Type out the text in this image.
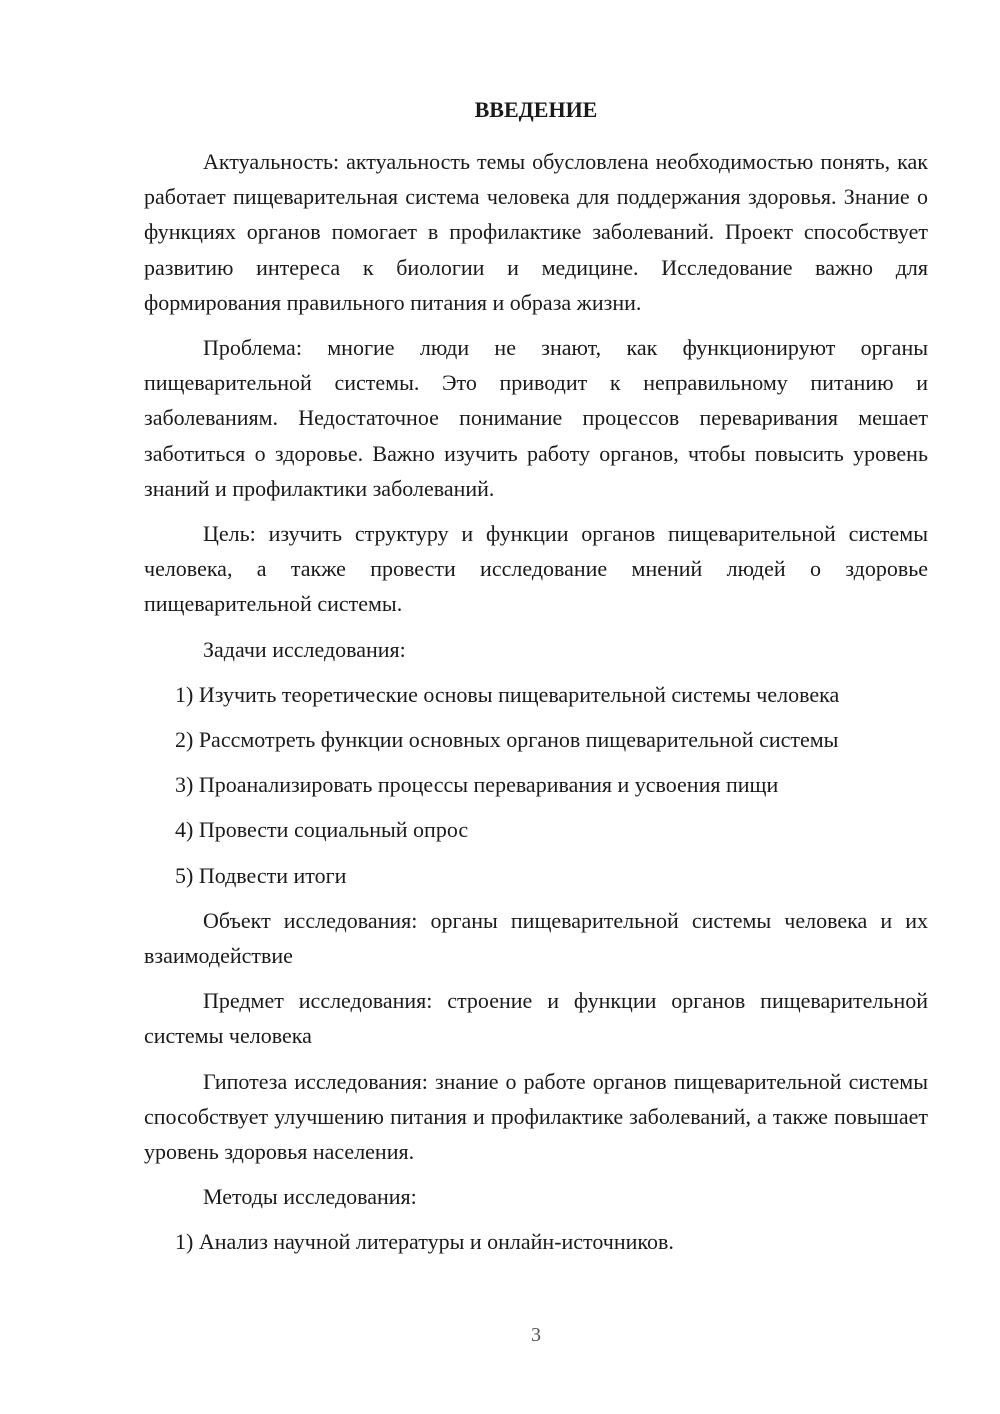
ВВЕДЕНИЕ

Актуальность: актуальность темы обусловлена необходимостью понять, как работает пищеварительная система человека для поддержания здоровья. Знание о функциях органов помогает в профилактике заболеваний. Проект способствует развитию интереса к биологии и медицине. Исследование важно для формирования правильного питания и образа жизни.

Проблема: многие люди не знают, как функционируют органы пищеварительной системы. Это приводит к неправильному питанию и заболеваниям. Недостаточное понимание процессов переваривания мешает заботиться о здоровье. Важно изучить работу органов, чтобы повысить уровень знаний и профилактики заболеваний.

Цель: изучить структуру и функции органов пищеварительной системы человека, а также провести исследование мнений людей о здоровье пищеварительной системы.

Задачи исследования:

1) Изучить теоретические основы пищеварительной системы человека
2) Рассмотреть функции основных органов пищеварительной системы
3) Проанализировать процессы переваривания и усвоения пищи
4) Провести социальный опрос
5) Подвести итоги

Объект исследования: органы пищеварительной системы человека и их взаимодействие

Предмет исследования: строение и функции органов пищеварительной системы человека

Гипотеза исследования: знание о работе органов пищеварительной системы способствует улучшению питания и профилактике заболеваний, а также повышает уровень здоровья населения.

Методы исследования:

1) Анализ научной литературы и онлайн-источников.
3
